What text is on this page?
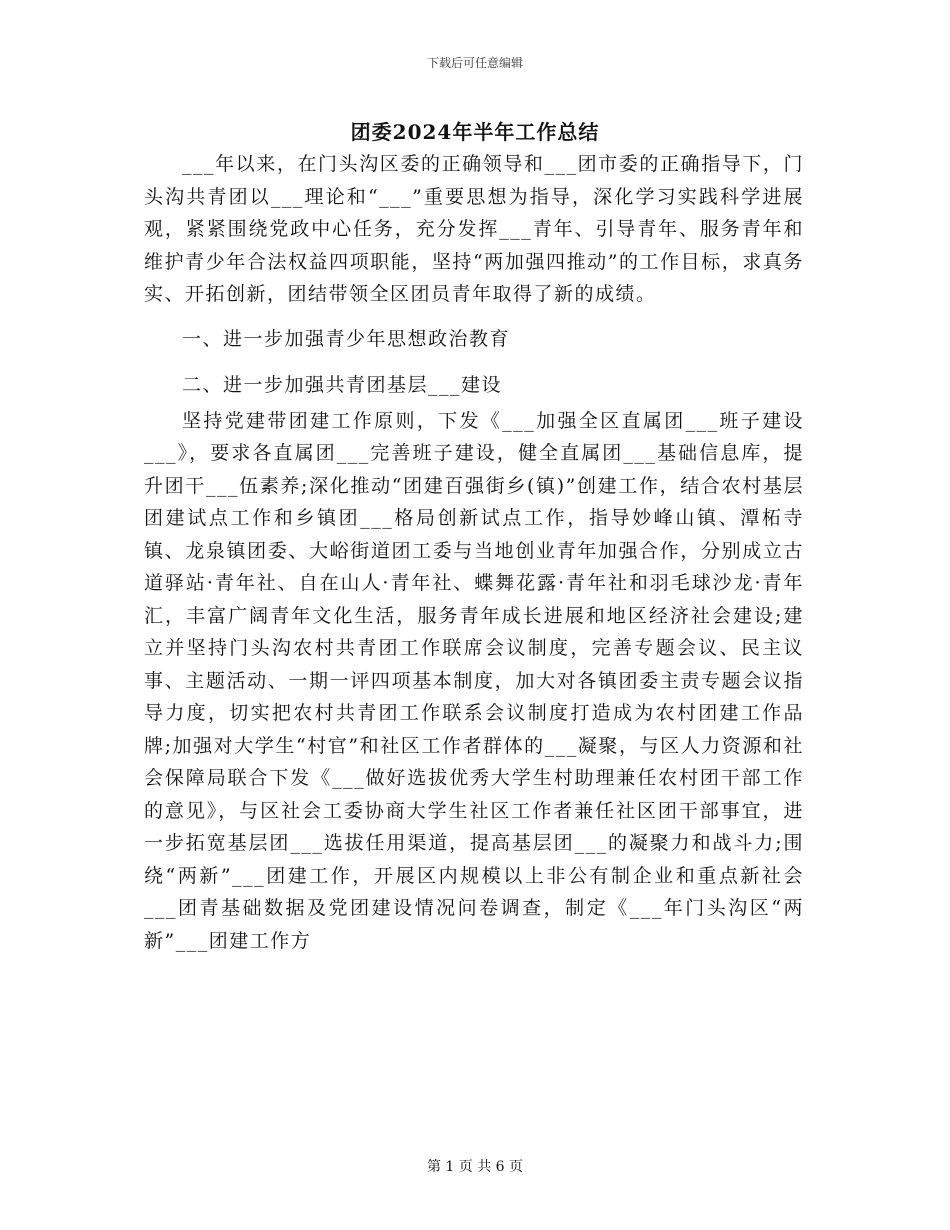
下载后可任意编辑
团委2024年半年工作总结

___年以来，在门头沟区委的正确领导和___团市委的正确指导下，门头沟共青团以___理论和“___”重要思想为指导，深化学习实践科学进展观，紧紧围绕党政中心任务，充分发挥___青年、引导青年、服务青年和维护青少年合法权益四项职能，坚持“两加强四推动”的工作目标，求真务实、开拓创新，团结带领全区团员青年取得了新的成绩。

一、进一步加强青少年思想政治教育

二、进一步加强共青团基层___建设

坚持党建带团建工作原则，下发《___加强全区直属团___班子建设___》，要求各直属团___完善班子建设，健全直属团___基础信息库，提升团干___伍素养;深化推动“团建百强街乡(镇)”创建工作，结合农村基层团建试点工作和乡镇团___格局创新试点工作，指导妙峰山镇、潭柘寺镇、龙泉镇团委、大峪街道团工委与当地创业青年加强合作，分别成立古道驿站·青年社、自在山人·青年社、蝶舞花露·青年社和羽毛球沙龙·青年汇，丰富广阔青年文化生活，服务青年成长进展和地区经济社会建设;建立并坚持门头沟农村共青团工作联席会议制度，完善专题会议、民主议事、主题活动、一期一评四项基本制度，加大对各镇团委主责专题会议指导力度，切实把农村共青团工作联系会议制度打造成为农村团建工作品牌;加强对大学生“村官”和社区工作者群体的___凝聚，与区人力资源和社会保障局联合下发《___做好选拔优秀大学生村助理兼任农村团干部工作的意见》，与区社会工委协商大学生社区工作者兼任社区团干部事宜，进一步拓宽基层团___选拔任用渠道，提高基层团___的凝聚力和战斗力;围绕“两新”___团建工作，开展区内规模以上非公有制企业和重点新社会___团青基础数据及党团建设情况问卷调查，制定《___年门头沟区“两新”___团建工作方

第 1 页 共 6 页
